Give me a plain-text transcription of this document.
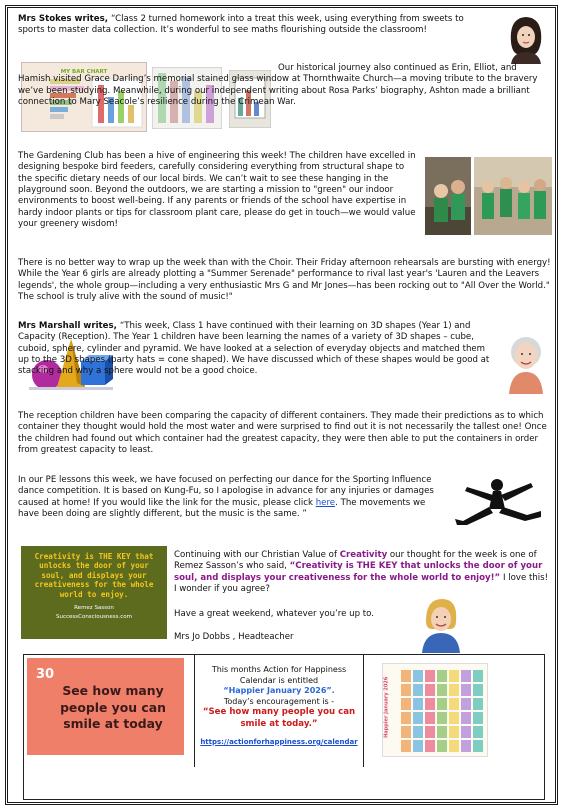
Mrs Stokes writes, “Class 2 turned homework into a treat this week, using everything from sweets to sports to master data collection. It’s wonderful to see maths flourishing outside the classroom!

MY BAR CHART	Our historical journey also continued as Erin, Elliot, and Hamish visited Grace Darling’s memorial stained glass window at Thornthwaite Church—a moving tribute to the bravery we’ve been studying. Meanwhile, during our independent writing about Rosa Parks’ biography, Ashton made a brilliant connection to Mary Seacole’s resilience during the Crimean War.

The Gardening Club has been a hive of engineering this week! The children have excelled in designing bespoke bird feeders, carefully considering everything from structural shape to the specific dietary needs of our local birds. We can’t wait to see these hanging in the playground soon. Beyond the outdoors, we are starting a mission to "green" our indoor environments to boost well-being. If any parents or friends of the school have expertise in hardy indoor plants or tips for classroom plant care, please do get in touch—we would value your greenery wisdom!

There is no better way to wrap up the week than with the Choir. Their Friday afternoon rehearsals are bursting with energy! While the Year 6 girls are already plotting a "Summer Serenade" performance to rival last year's 'Lauren and the Leavers legends', the whole group—including a very enthusiastic Mrs G and Mr Jones—has been rocking out to "All Over the World." The school is truly alive with the sound of music!"

Mrs Marshall writes, “This week, Class 1 have continued with their learning on 3D shapes (Year 1) and Capacity (Reception). The Year 1 children have been learning the names of a variety of 3D shapes – cube, cuboid, sphere, cylinder and pyramid. We have looked at a selection of everyday objects and matched them up to the 3D shapes (party hats = cone shaped). We have discussed which of these shapes would be good at stacking and why a sphere would not be a good choice.

The reception children have been comparing the capacity of different containers. They made their predictions as to which container they thought would hold the most water and were surprised to find out it is not necessarily the tallest one! Once the children had found out which container had the greatest capacity, they were then able to put the containers in order from greatest capacity to least.

In our PE lessons this week, we have focused on perfecting our dance for the Sporting Influence dance competition. It is based on Kung-Fu, so I apologise in advance for any injuries or damages caused at home! If you would like the link for the music, please click here. The movements we have been doing are slightly different, but the music is the same. ”

Creativity is THE KEY that unlocks the door of your soul, and displays your creativeness for the whole world to enjoy.
Remez Sasson
SuccessConsciousness.com

Continuing with our Christian Value of Creativity our thought for the week is one of Remez Sasson’s who said, “Creativity is THE KEY that unlocks the door of your soul, and displays your creativeness for the whole world to enjoy!” I love this! I wonder if you agree?

Have a great weekend, whatever you’re up to.

Mrs Jo Dobbs , Headteacher

30
See how many people you can smile at today
This months Action for Happiness Calendar is entitled
“Happier January 2026”.
Today’s encouragement is -
“See how many people you can smile at today.”
https://actionforhappiness.org/calendar
Happier January 2026
